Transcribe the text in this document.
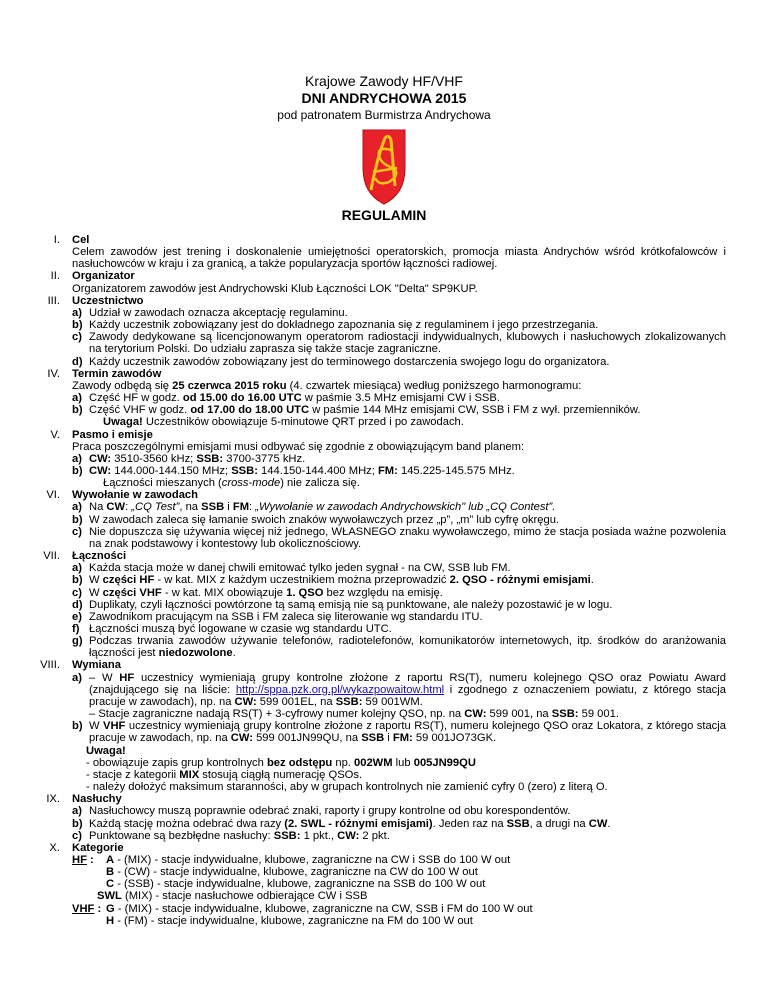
Krajowe Zawody HF/VHF
DNI ANDRYCHOWA 2015
pod patronatem Burmistrza Andrychowa
REGULAMIN
I.	Cel
Celem zawodów jest trening i doskonalenie umiejętności operatorskich, promocja miasta Andrychów wśród krótkofalowców i nasłuchowców w kraju i za granicą, a także popularyzacja sportów łączności radiowej.
II.	Organizator
Organizatorem zawodów jest Andrychowski Klub Łączności LOK "Delta" SP9KUP.
III.	Uczestnictwo
a) Udział w zawodach oznacza akceptację regulaminu.
b) Każdy uczestnik zobowiązany jest do dokładnego zapoznania się z regulaminem i jego przestrzegania.
c) Zawody dedykowane są licencjonowanym operatorom radiostacji indywidualnych, klubowych i nasłuchowych zlokalizowanych na terytorium Polski. Do udziału zaprasza się także stacje zagraniczne.
d) Każdy uczestnik zawodów zobowiązany jest do terminowego dostarczenia swojego logu do organizatora.
IV.	Termin zawodów
Zawody odbędą się 25 czerwca 2015 roku (4. czwartek miesiąca) według poniższego harmonogramu:
a) Część HF w godz. od 15.00 do 16.00 UTC w paśmie 3.5 MHz emisjami CW i SSB.
b) Część VHF w godz. od 17.00 do 18.00 UTC w paśmie 144 MHz emisjami CW, SSB i FM z wył. przemienników.
Uwaga! Uczestników obowiązuje 5-minutowe QRT przed i po zawodach.
V.	Pasmo i emisje
Praca poszczególnymi emisjami musi odbywać się zgodnie z obowiązującym band planem:
a) CW: 3510-3560 kHz; SSB: 3700-3775 kHz.
b) CW: 144.000-144.150 MHz; SSB: 144.150-144.400 MHz; FM: 145.225-145.575 MHz.
Łączności mieszanych (cross-mode) nie zalicza się.
VI.	Wywołanie w zawodach
a) Na CW: „CQ Test”, na SSB i FM: „Wywołanie w zawodach Andrychowskich" lub „CQ Contest”.
b) W zawodach zaleca się łamanie swoich znaków wywoławczych przez „p”, „m” lub cyfrę okręgu.
c) Nie dopuszcza się używania więcej niż jednego, WŁASNEGO znaku wywoławczego, mimo że stacja posiada ważne pozwolenia na znak podstawowy i kontestowy lub okolicznościowy.
VII.	Łączności
a) Każda stacja może w danej chwili emitować tylko jeden sygnał - na CW, SSB lub FM.
b) W części HF - w kat. MIX z każdym uczestnikiem można przeprowadzić 2. QSO - różnymi emisjami.
c) W części VHF - w kat. MIX obowiązuje 1. QSO bez względu na emisję.
d) Duplikaty, czyli łączności powtórzone tą samą emisją nie są punktowane, ale należy pozostawić je w logu.
e) Zawodnikom pracującym na SSB i FM zaleca się literowanie wg standardu ITU.
f) Łączności muszą być logowane w czasie wg standardu UTC.
g) Podczas trwania zawodów używanie telefonów, radiotelefonów, komunikatorów internetowych, itp. środków do aranżowania łączności jest niedozwolone.
VIII.	Wymiana
a) – W HF uczestnicy wymieniają grupy kontrolne złożone z raportu RS(T), numeru kolejnego QSO oraz Powiatu Award (znajdującego się na liście: http://sppa.pzk.org.pl/wykazpowaitow.html i zgodnego z oznaczeniem powiatu, z którego stacja pracuje w zawodach), np. na CW: 599 001EL, na SSB: 59 001WM.
– Stacje zagraniczne nadają RS(T) + 3-cyfrowy numer kolejny QSO, np. na CW: 599 001, na SSB: 59 001.
b) W VHF uczestnicy wymieniają grupy kontrolne złożone z raportu RS(T), numeru kolejnego QSO oraz Lokatora, z którego stacja pracuje w zawodach, np. na CW: 599 001JN99QU, na SSB i FM: 59 001JO73GK.
Uwaga!
- obowiązuje zapis grup kontrolnych bez odstępu np. 002WM lub 005JN99QU
- stacje z kategorii MIX stosują ciągłą numerację QSOs.
- należy dołożyć maksimum staranności, aby w grupach kontrolnych nie zamienić cyfry 0 (zero) z literą O.
IX.	Nasłuchy
a) Nasłuchowcy muszą poprawnie odebrać znaki, raporty i grupy kontrolne od obu korespondentów.
b) Każdą stację można odebrać dwa razy (2. SWL - różnymi emisjami). Jeden raz na SSB, a drugi na CW.
c) Punktowane są bezbłędne nasłuchy: SSB: 1 pkt., CW: 2 pkt.
X.	Kategorie
HF : A - (MIX) - stacje indywidualne, klubowe, zagraniczne na CW i SSB do 100 W out
B - (CW) - stacje indywidualne, klubowe, zagraniczne na CW do 100 W out
C - (SSB) - stacje indywidualne, klubowe, zagraniczne na SSB do 100 W out
SWL (MIX) - stacje nasłuchowe odbierające CW i SSB
VHF : G - (MIX) - stacje indywidualne, klubowe, zagraniczne na CW, SSB i FM do 100 W out
H - (FM) - stacje indywidualne, klubowe, zagraniczne na FM do 100 W out
